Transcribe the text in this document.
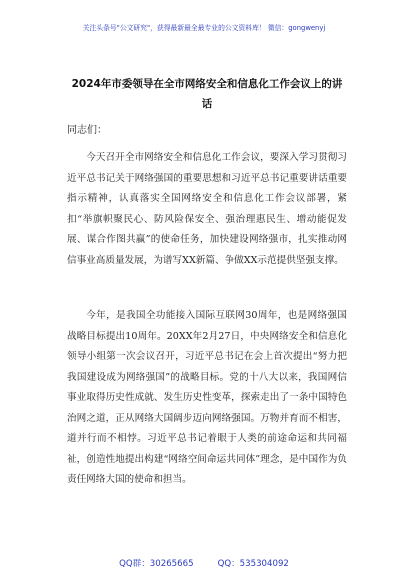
关注头条号"公文研究"，获得最新最全最专业的公文资料库！ 微信：gongwenyj
2024年市委领导在全市网络安全和信息化工作会议上的讲话
同志们：

今天召开全市网络安全和信息化工作会议，要深入学习贯彻习近平总书记关于网络强国的重要思想和习近平总书记重要讲话重要指示精神，认真落实全国网络安全和信息化工作会议部署，紧扣“举旗帜聚民心、防风险保安全、强治理惠民生、增动能促发展、谋合作图共赢”的使命任务，加快建设网络强市，扎实推动网信事业高质量发展，为谱写XX新篇、争做XX示范提供坚强支撑。

今年，是我国全功能接入国际互联网30周年，也是网络强国战略目标提出10周年。20XX年2月27日，中央网络安全和信息化领导小组第一次会议召开，习近平总书记在会上首次提出“努力把我国建设成为网络强国”的战略目标。党的十八大以来，我国网信事业取得历史性成就、发生历史性变革，探索走出了一条中国特色治网之道，正从网络大国阔步迈向网络强国。万物并育而不相害，道并行而不相悖。习近平总书记着眼于人类的前途命运和共同福祉，创造性地提出构建“网络空间命运共同体”理念，是中国作为负责任网络大国的使命和担当。

QQ群：30265665	QQ：535304092
